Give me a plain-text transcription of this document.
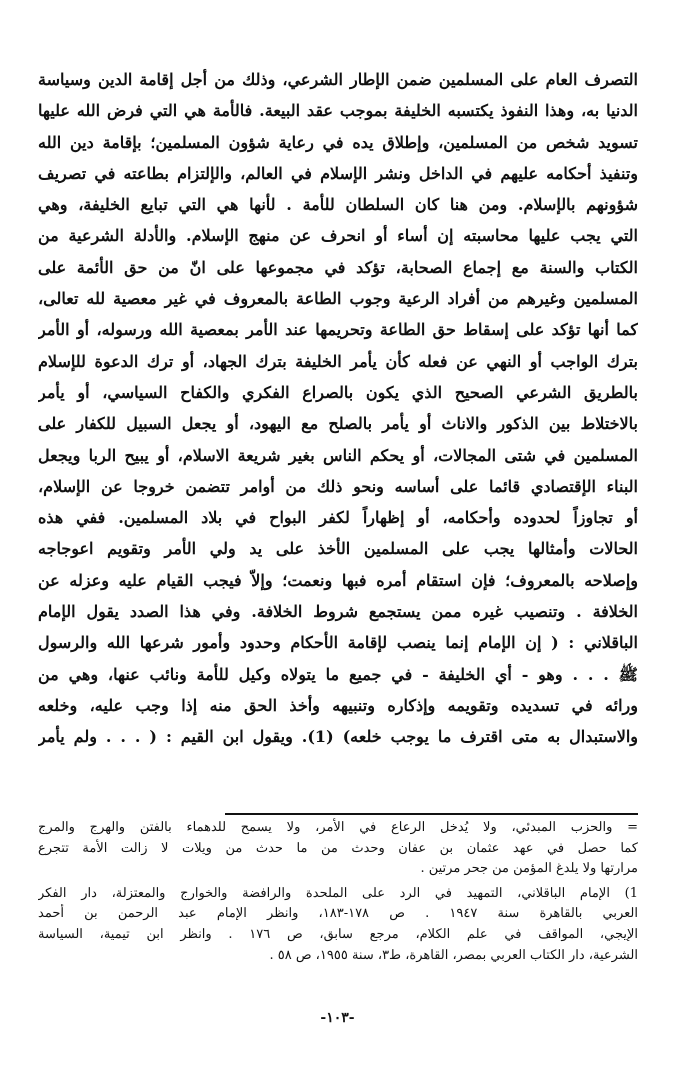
التصرف العام على المسلمين ضمن الإطار الشرعي، وذلك من أجل إقامة الدين وسياسة
الدنيا به، وهذا النفوذ يكتسبه الخليفة بموجب عقد البيعة. فالأمة هي التي فرض الله عليها
تسويد شخص من المسلمين، وإطلاق يده في رعاية شؤون المسلمين؛ بإقامة دين الله
وتنفيذ أحكامه عليهم في الداخل ونشر الإسلام في العالم، والإلتزام بطاعته في تصريف
شؤونهم بالإسلام. ومن هنا كان السلطان للأمة . لأنها هي التي تبايع الخليفة، وهي
التي يجب عليها محاسبته إن أساء أو انحرف عن منهج الإسلام. والأدلة الشرعية من
الكتاب والسنة مع إجماع الصحابة، تؤكد في مجموعها على انّ من حق الأئمة على
المسلمين وغيرهم من أفراد الرعية وجوب الطاعة بالمعروف في غير معصية لله تعالى،
كما أنها تؤكد على إسقاط حق الطاعة وتحريمها عند الأمر بمعصية الله ورسوله، أو الأمر
بترك الواجب أو النهي عن فعله كأن يأمر الخليفة بترك الجهاد، أو ترك الدعوة للإسلام
بالطريق الشرعي الصحيح الذي يكون بالصراع الفكري والكفاح السياسي، أو يأمر
بالاختلاط بين الذكور والاناث أو يأمر بالصلح مع اليهود، أو يجعل السبيل للكفار على
المسلمين في شتى المجالات، أو يحكم الناس بغير شريعة الاسلام، أو يبيح الربا ويجعل
البناء الإقتصادي قائما على أساسه ونحو ذلك من أوامر تتضمن خروجا عن الإسلام،
أو تجاوزاً لحدوده وأحكامه، أو إظهاراً لكفر البواح في بلاد المسلمين. ففي هذه
الحالات وأمثالها يجب على المسلمين الأخذ على يد ولي الأمر وتقويم اعوجاجه
وإصلاحه بالمعروف؛ فإن استقام أمره فبها ونعمت؛ وإلاّ فيجب القيام عليه وعزله عن
الخلافة . وتنصيب غيره ممن يستجمع شروط الخلافة. وفي هذا الصدد يقول الإمام
الباقلاني : ( إن الإمام إنما ينصب لإقامة الأحكام وحدود وأمور شرعها الله والرسول
ﷺ . . . وهو - أي الخليفة - في جميع ما يتولاه وكيل للأمة ونائب عنها، وهي من
ورائه في تسديده وتقويمه وإذكاره وتنبيهه وأخذ الحق منه إذا وجب عليه، وخلعه
والاستبدال به متى اقترف ما يوجب خلعه) (1). ويقول ابن القيم : ( . . . ولم يأمر
= والحزب المبدئي، ولا يُدخل الرعاع في الأمر، ولا يسمح للدهماء بالفتن والهرج والمرج
كما حصل في عهد عثمان بن عفان وحدث من ما حدث من ويلات لا زالت الأمة تتجرع
مرارتها ولا يلدغ المؤمن من جحر مرتين .
1) الإمام الباقلاني، التمهيد في الرد على الملحدة والرافضة والخوارج والمعتزلة، دار الفكر
العربي بالقاهرة سنة ١٩٤٧ . ص ١٧٨-١٨٣، وانظر الإمام عبد الرحمن بن أحمد
الإيجي، المواقف في علم الكلام، مرجع سابق، ص ١٧٦ . وانظر ابن تيمية، السياسة
الشرعية، دار الكتاب العربي بمصر، القاهرة، ط٣، سنة ١٩٥٥، ص ٥٨ .
-١٠٣-
